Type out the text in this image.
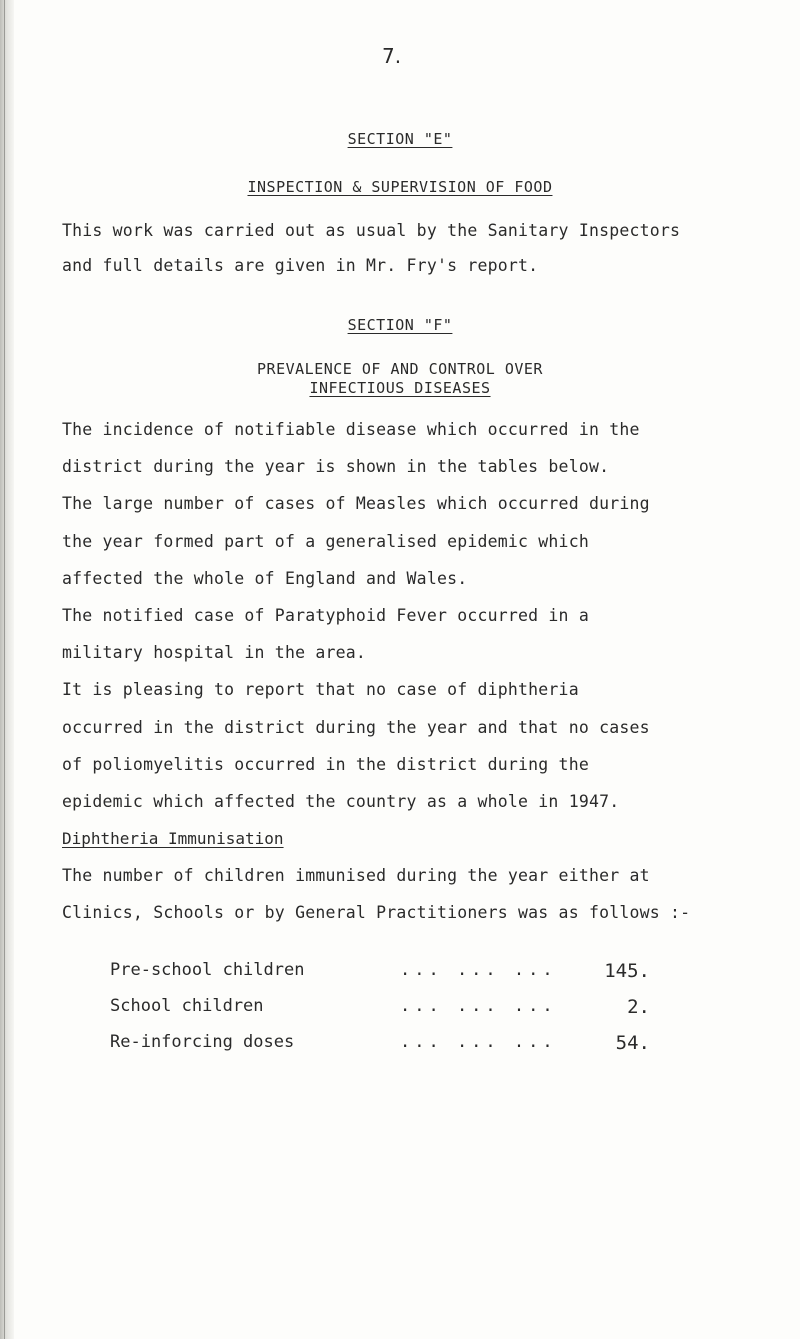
7.
SECTION "E"
INSPECTION & SUPERVISION OF FOOD
This work was carried out as usual by the Sanitary Inspectors
and full details are given in Mr. Fry's report.
SECTION "F"
PREVALENCE OF AND CONTROL OVER
INFECTIOUS DISEASES
The incidence of notifiable disease which occurred in the
district during the year is shown in the tables below.
The large number of cases of Measles which occurred during
the year formed part of a generalised epidemic which
affected the whole of England and Wales.
The notified case of Paratyphoid Fever occurred in a
military hospital in the area.
It is pleasing to report that no case of diphtheria
occurred in the district during the year and that no cases
of poliomyelitis occurred in the district during the
epidemic which affected the country as a whole in 1947.
Diphtheria Immunisation
The number of children immunised during the year either at
Clinics, Schools or by General Practitioners was as follows :-
Pre-school children	... ... ...	145.
School children	... ... ...	2.
Re-inforcing doses	... ... ...	54.
